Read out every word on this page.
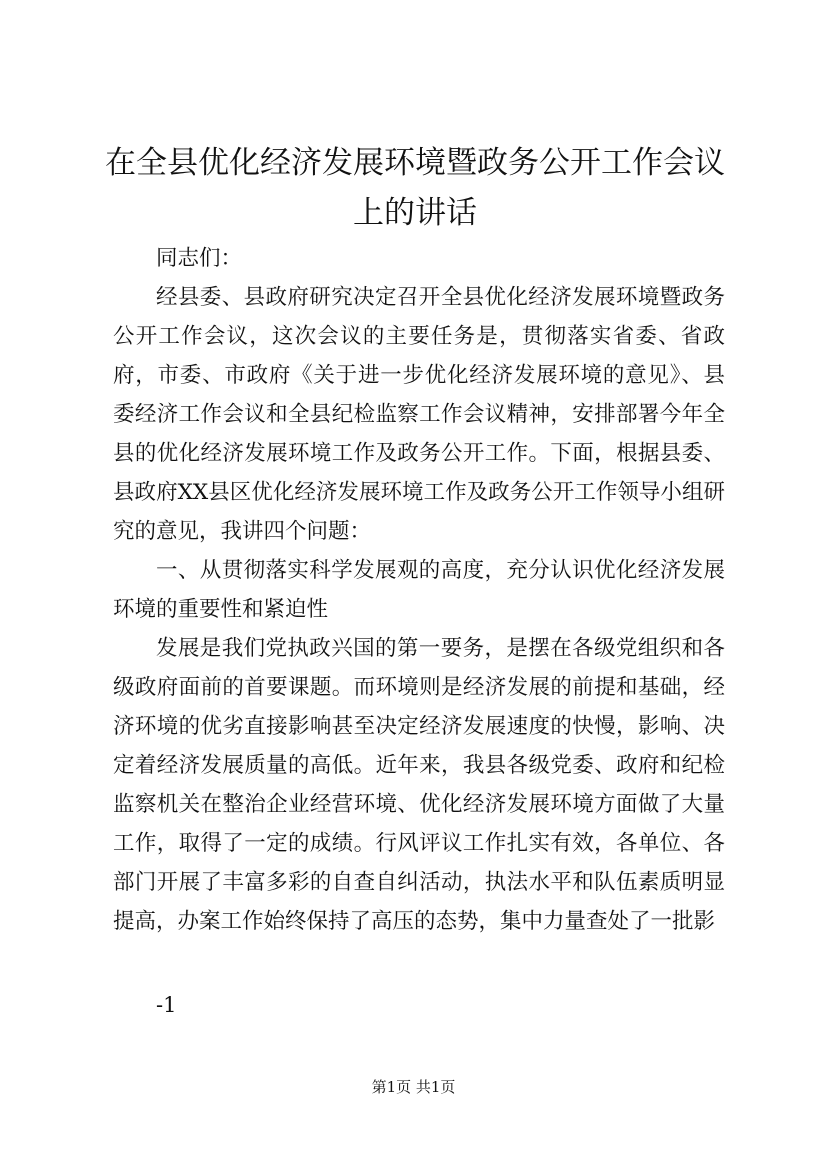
在全县优化经济发展环境暨政务公开工作会议上的讲话

同志们：

经县委、县政府研究决定召开全县优化经济发展环境暨政务公开工作会议，这次会议的主要任务是，贯彻落实省委、省政府，市委、市政府《关于进一步优化经济发展环境的意见》、县委经济工作会议和全县纪检监察工作会议精神，安排部署今年全县的优化经济发展环境工作及政务公开工作。下面，根据县委、县政府XX县区优化经济发展环境工作及政务公开工作领导小组研究的意见，我讲四个问题：

一、从贯彻落实科学发展观的高度，充分认识优化经济发展环境的重要性和紧迫性

发展是我们党执政兴国的第一要务，是摆在各级党组织和各级政府面前的首要课题。而环境则是经济发展的前提和基础，经济环境的优劣直接影响甚至决定经济发展速度的快慢，影响、决定着经济发展质量的高低。近年来，我县各级党委、政府和纪检监察机关在整治企业经营环境、优化经济发展环境方面做了大量工作，取得了一定的成绩。行风评议工作扎实有效，各单位、各部门开展了丰富多彩的自查自纠活动，执法水平和队伍素质明显提高，办案工作始终保持了高压的态势，集中力量查处了一批影

-1
第1页 共1页
